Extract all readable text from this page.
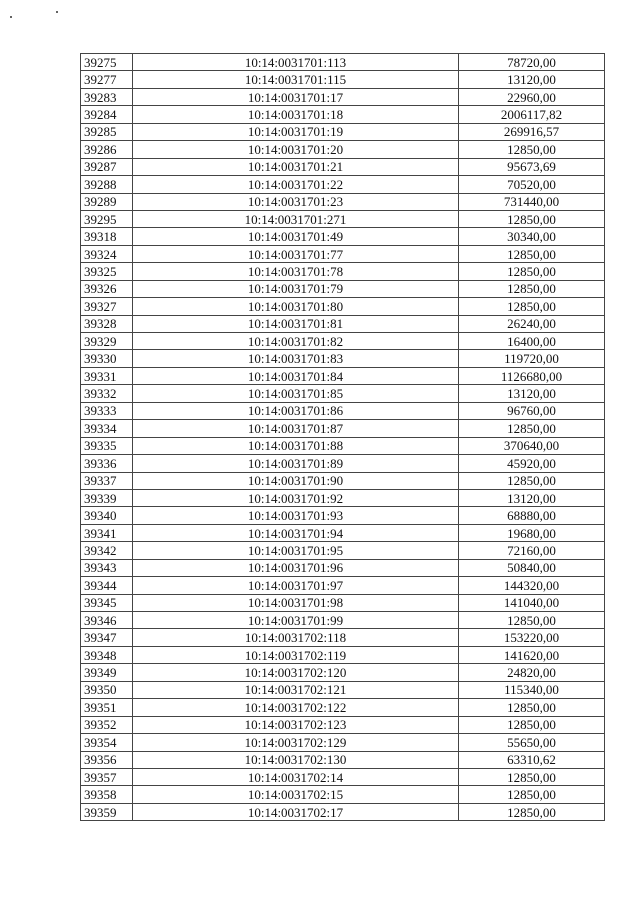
39275	10:14:0031701:113	78720,00
39277	10:14:0031701:115	13120,00
39283	10:14:0031701:17	22960,00
39284	10:14:0031701:18	2006117,82
39285	10:14:0031701:19	269916,57
39286	10:14:0031701:20	12850,00
39287	10:14:0031701:21	95673,69
39288	10:14:0031701:22	70520,00
39289	10:14:0031701:23	731440,00
39295	10:14:0031701:271	12850,00
39318	10:14:0031701:49	30340,00
39324	10:14:0031701:77	12850,00
39325	10:14:0031701:78	12850,00
39326	10:14:0031701:79	12850,00
39327	10:14:0031701:80	12850,00
39328	10:14:0031701:81	26240,00
39329	10:14:0031701:82	16400,00
39330	10:14:0031701:83	119720,00
39331	10:14:0031701:84	1126680,00
39332	10:14:0031701:85	13120,00
39333	10:14:0031701:86	96760,00
39334	10:14:0031701:87	12850,00
39335	10:14:0031701:88	370640,00
39336	10:14:0031701:89	45920,00
39337	10:14:0031701:90	12850,00
39339	10:14:0031701:92	13120,00
39340	10:14:0031701:93	68880,00
39341	10:14:0031701:94	19680,00
39342	10:14:0031701:95	72160,00
39343	10:14:0031701:96	50840,00
39344	10:14:0031701:97	144320,00
39345	10:14:0031701:98	141040,00
39346	10:14:0031701:99	12850,00
39347	10:14:0031702:118	153220,00
39348	10:14:0031702:119	141620,00
39349	10:14:0031702:120	24820,00
39350	10:14:0031702:121	115340,00
39351	10:14:0031702:122	12850,00
39352	10:14:0031702:123	12850,00
39354	10:14:0031702:129	55650,00
39356	10:14:0031702:130	63310,62
39357	10:14:0031702:14	12850,00
39358	10:14:0031702:15	12850,00
39359	10:14:0031702:17	12850,00
